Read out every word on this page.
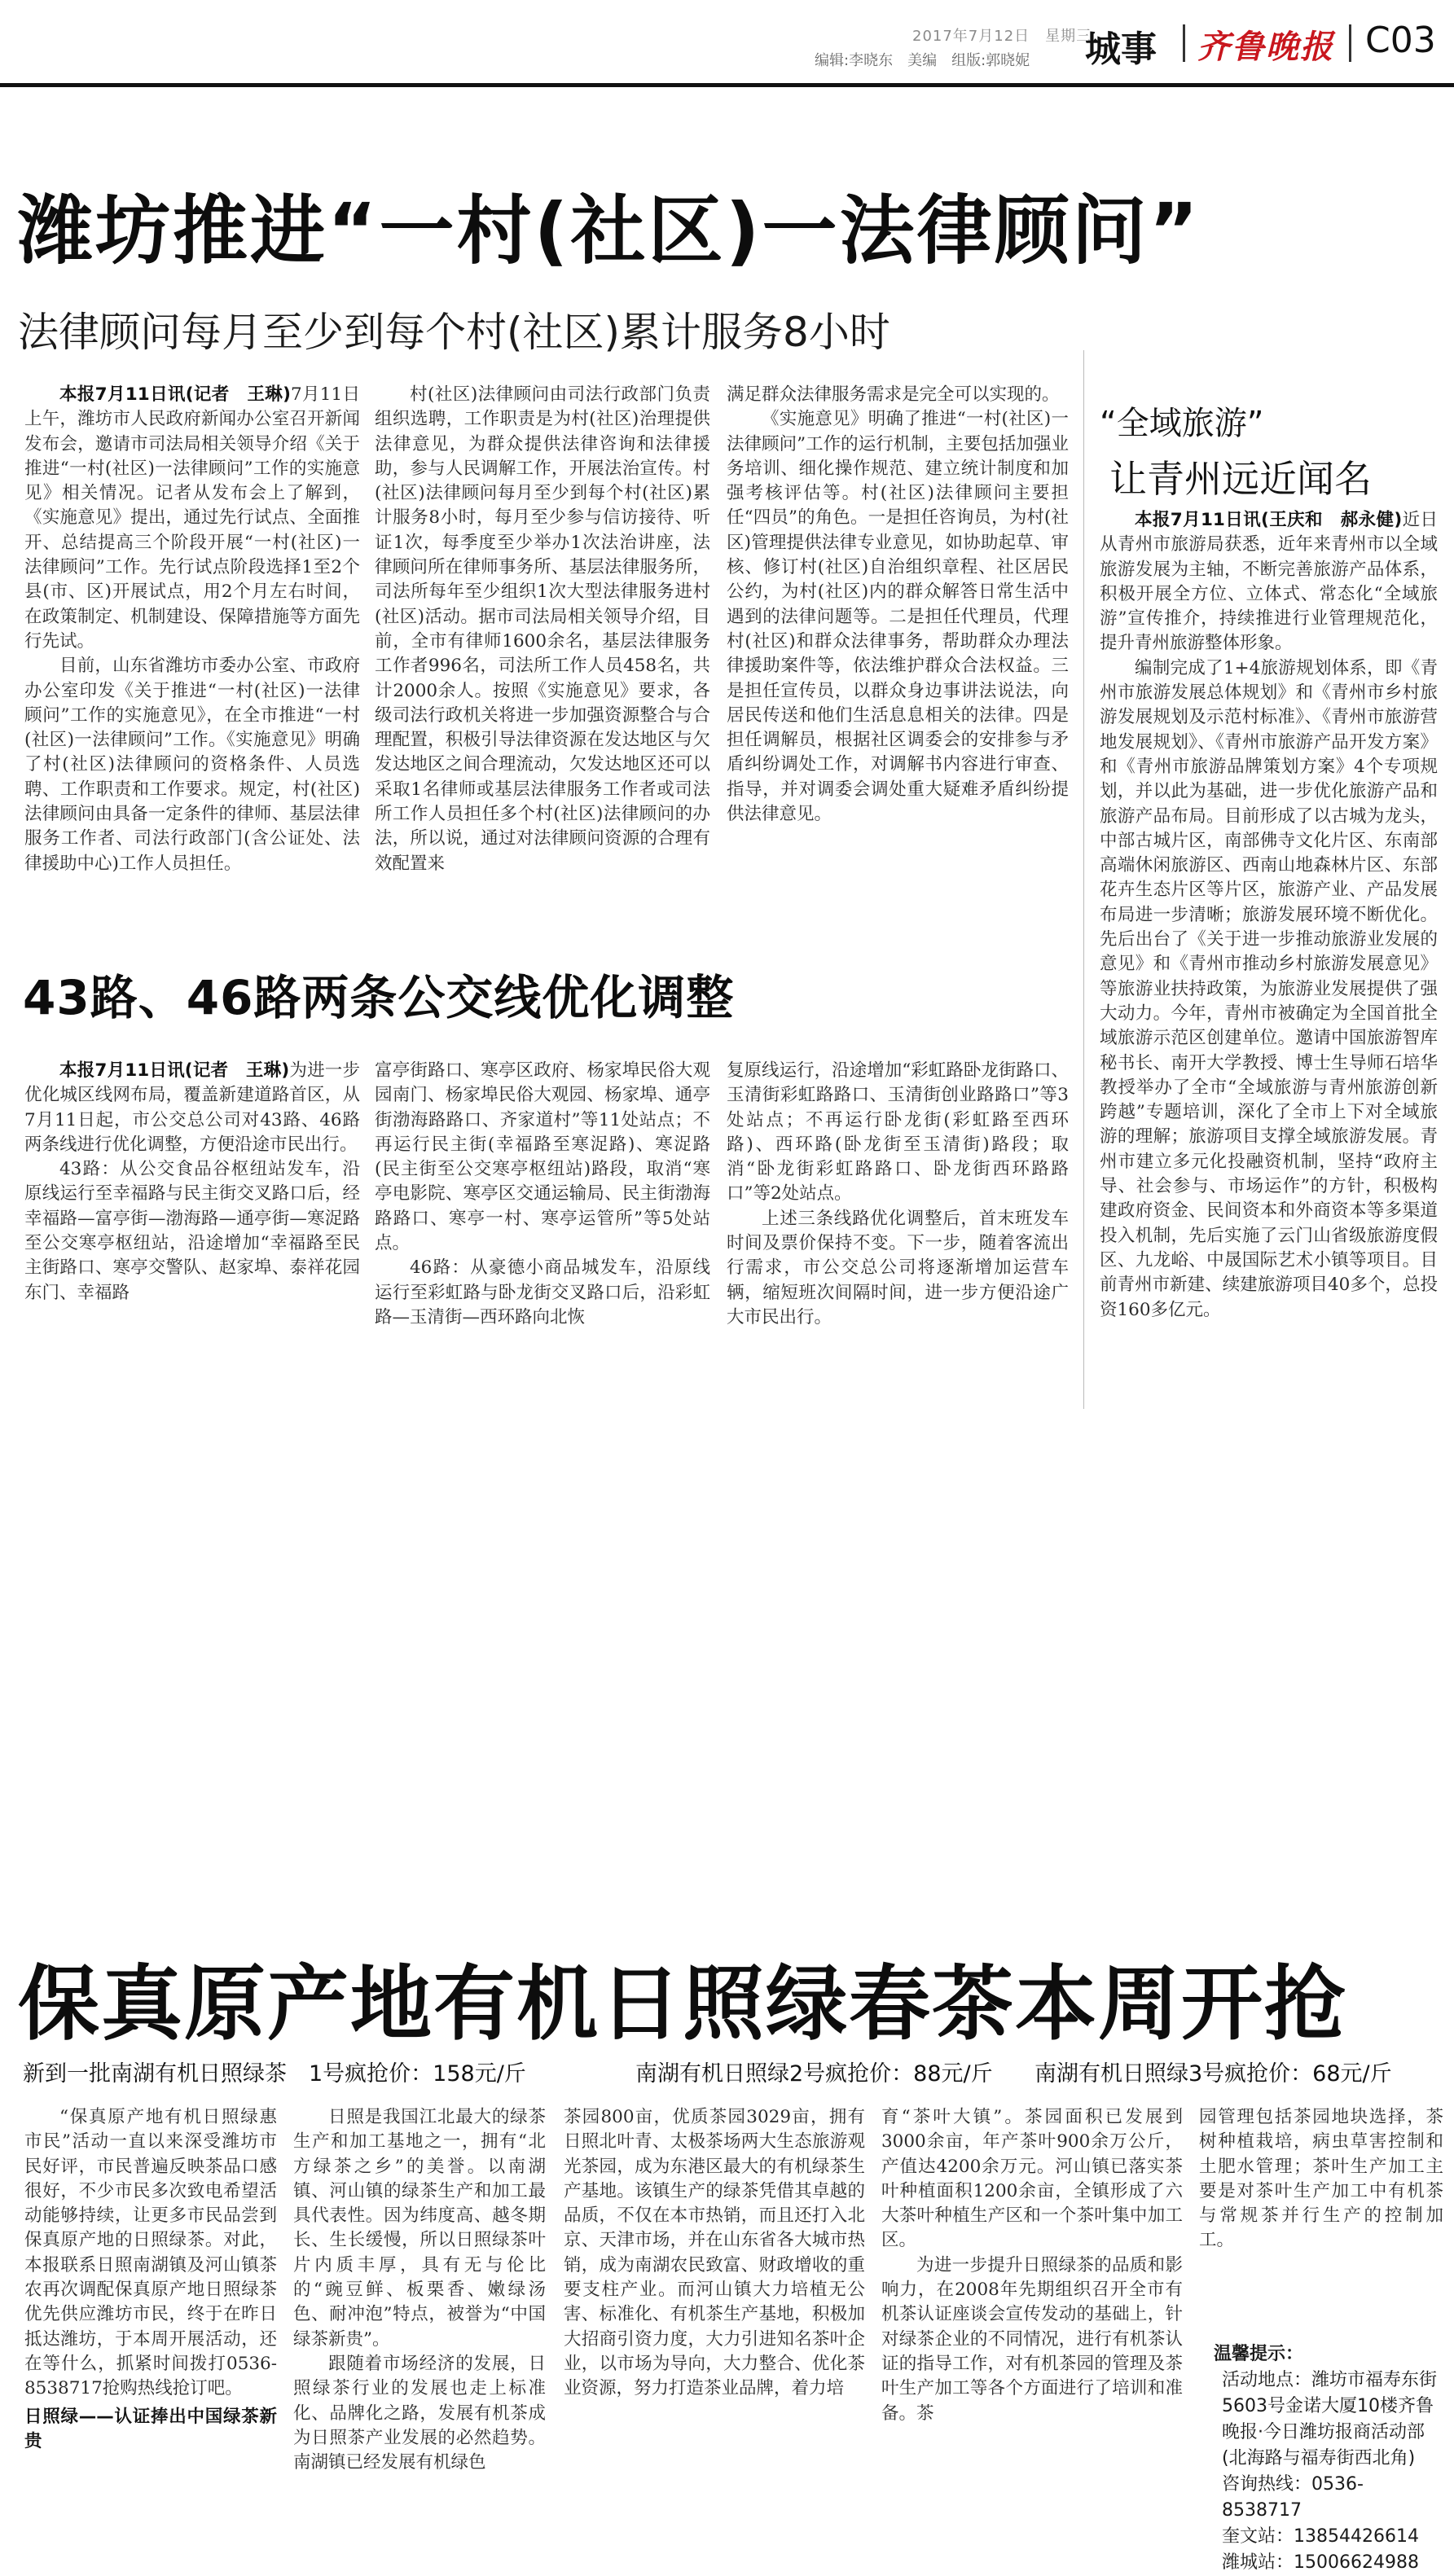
2017年7月12日　星期三
编辑:李晓东　美编　组版:郭晓妮 城事 齐鲁晚报 C03
潍坊推进“一村(社区)一法律顾问”
法律顾问每月至少到每个村(社区)累计服务8小时

本报7月11日讯(记者　王琳)7月11日上午，潍坊市人民政府新闻办公室召开新闻发布会，邀请市司法局相关领导介绍《关于推进“一村(社区)一法律顾问”工作的实施意见》相关情况。记者从发布会上了解到，《实施意见》提出，通过先行试点、全面推开、总结提高三个阶段开展“一村(社区)一法律顾问”工作。先行试点阶段选择1至2个县(市、区)开展试点，用2个月左右时间，在政策制定、机制建设、保障措施等方面先行先试。

目前，山东省潍坊市委办公室、市政府办公室印发《关于推进“一村(社区)一法律顾问”工作的实施意见》，在全市推进“一村(社区)一法律顾问”工作。《实施意见》明确了村(社区)法律顾问的资格条件、人员选聘、工作职责和工作要求。规定，村(社区)法律顾问由具备一定条件的律师、基层法律服务工作者、司法行政部门(含公证处、法律援助中心)工作人员担任。

村(社区)法律顾问由司法行政部门负责组织选聘，工作职责是为村(社区)治理提供法律意见，为群众提供法律咨询和法律援助，参与人民调解工作，开展法治宣传。村(社区)法律顾问每月至少到每个村(社区)累计服务8小时，每月至少参与信访接待、听证1次，每季度至少举办1次法治讲座，法律顾问所在律师事务所、基层法律服务所，司法所每年至少组织1次大型法律服务进村(社区)活动。据市司法局相关领导介绍，目前，全市有律师1600余名，基层法律服务工作者996名，司法所工作人员458名，共计2000余人。按照《实施意见》要求，各级司法行政机关将进一步加强资源整合与合理配置，积极引导法律资源在发达地区与欠发达地区之间合理流动，欠发达地区还可以采取1名律师或基层法律服务工作者或司法所工作人员担任多个村(社区)法律顾问的办法，所以说，通过对法律顾问资源的合理有效配置来

满足群众法律服务需求是完全可以实现的。

《实施意见》明确了推进“一村(社区)一法律顾问”工作的运行机制，主要包括加强业务培训、细化操作规范、建立统计制度和加强考核评估等。村(社区)法律顾问主要担任“四员”的角色。一是担任咨询员，为村(社区)管理提供法律专业意见，如协助起草、审核、修订村(社区)自治组织章程、社区居民公约，为村(社区)内的群众解答日常生活中遇到的法律问题等。二是担任代理员，代理村(社区)和群众法律事务，帮助群众办理法律援助案件等，依法维护群众合法权益。三是担任宣传员，以群众身边事讲法说法，向居民传送和他们生活息息相关的法律。四是担任调解员，根据社区调委会的安排参与矛盾纠纷调处工作，对调解书内容进行审查、指导，并对调委会调处重大疑难矛盾纠纷提供法律意见。

“全域旅游”
让青州远近闻名

本报7月11日讯(王庆和　郝永健)近日从青州市旅游局获悉，近年来青州市以全域旅游发展为主轴，不断完善旅游产品体系，积极开展全方位、立体式、常态化“全域旅游”宣传推介，持续推进行业管理规范化，提升青州旅游整体形象。

编制完成了1+4旅游规划体系，即《青州市旅游发展总体规划》和《青州市乡村旅游发展规划及示范村标准》、《青州市旅游营地发展规划》、《青州市旅游产品开发方案》和《青州市旅游品牌策划方案》4个专项规划，并以此为基础，进一步优化旅游产品和旅游产品布局。目前形成了以古城为龙头，中部古城片区，南部佛寺文化片区、东南部高端休闲旅游区、西南山地森林片区、东部花卉生态片区等片区，旅游产业、产品发展布局进一步清晰；旅游发展环境不断优化。先后出台了《关于进一步推动旅游业发展的意见》和《青州市推动乡村旅游发展意见》等旅游业扶持政策，为旅游业发展提供了强大动力。今年，青州市被确定为全国首批全域旅游示范区创建单位。邀请中国旅游智库秘书长、南开大学教授、博士生导师石培华教授举办了全市“全域旅游与青州旅游创新跨越”专题培训，深化了全市上下对全域旅游的理解；旅游项目支撑全域旅游发展。青州市建立多元化投融资机制，坚持“政府主导、社会参与、市场运作”的方针，积极构建政府资金、民间资本和外商资本等多渠道投入机制，先后实施了云门山省级旅游度假区、九龙峪、中晟国际艺术小镇等项目。目前青州市新建、续建旅游项目40多个，总投资160多亿元。

43路、46路两条公交线优化调整

本报7月11日讯(记者　王琳)为进一步优化城区线网布局，覆盖新建道路首区，从7月11日起，市公交总公司对43路、46路两条线进行优化调整，方便沿途市民出行。

43路：从公交食品谷枢纽站发车，沿原线运行至幸福路与民主街交叉路口后，经幸福路—富亭街—渤海路—通亭街—寒浞路至公交寒亭枢纽站，沿途增加“幸福路至民主街路口、寒亭交警队、赵家埠、泰祥花园东门、幸福路

富亭街路口、寒亭区政府、杨家埠民俗大观园南门、杨家埠民俗大观园、杨家埠、通亭街渤海路路口、齐家道村”等11处站点；不再运行民主街(幸福路至寒浞路)、寒浞路(民主街至公交寒亭枢纽站)路段，取消“寒亭电影院、寒亭区交通运输局、民主街渤海路路口、寒亭一村、寒亭运管所”等5处站点。

46路：从豪德小商品城发车，沿原线运行至彩虹路与卧龙街交叉路口后，沿彩虹路—玉清街—西环路向北恢

复原线运行，沿途增加“彩虹路卧龙街路口、玉清街彩虹路路口、玉清街创业路路口”等3处站点；不再运行卧龙街(彩虹路至西环路)、西环路(卧龙街至玉清街)路段；取消“卧龙街彩虹路路口、卧龙街西环路路口”等2处站点。

上述三条线路优化调整后，首末班发车时间及票价保持不变。下一步，随着客流出行需求，市公交总公司将逐渐增加运营车辆，缩短班次间隔时间，进一步方便沿途广大市民出行。

保真原产地有机日照绿春茶本周开抢
新到一批南湖有机日照绿茶　1号疯抢价：158元/斤	南湖有机日照绿2号疯抢价：88元/斤 南湖有机日照绿3号疯抢价：68元/斤

“保真原产地有机日照绿惠市民”活动一直以来深受潍坊市民好评，市民普遍反映茶品口感很好，不少市民多次致电希望活动能够持续，让更多市民品尝到保真原产地的日照绿茶。对此，本报联系日照南湖镇及河山镇茶农再次调配保真原产地日照绿茶优先供应潍坊市民，终于在昨日抵达潍坊，于本周开展活动，还在等什么，抓紧时间拨打0536-8538717抢购热线抢订吧。

日照绿——认证捧出中国绿茶新贵

日照是我国江北最大的绿茶生产和加工基地之一，拥有“北方绿茶之乡”的美誉。以南湖镇、河山镇的绿茶生产和加工最具代表性。因为纬度高、越冬期长、生长缓慢，所以日照绿茶叶片内质丰厚，具有无与伦比的“豌豆鲜、板栗香、嫩绿汤色、耐冲泡”特点，被誉为“中国绿茶新贵”。

跟随着市场经济的发展，日照绿茶行业的发展也走上标准化、品牌化之路，发展有机茶成为日照茶产业发展的必然趋势。南湖镇已经发展有机绿色

茶园800亩，优质茶园3029亩，拥有日照北叶青、太极茶场两大生态旅游观光茶园，成为东港区最大的有机绿茶生产基地。该镇生产的绿茶凭借其卓越的品质，不仅在本市热销，而且还打入北京、天津市场，并在山东省各大城市热销，成为南湖农民致富、财政增收的重要支柱产业。而河山镇大力培植无公害、标准化、有机茶生产基地，积极加大招商引资力度，大力引进知名茶叶企业，以市场为导向，大力整合、优化茶业资源，努力打造茶业品牌，着力培

育“茶叶大镇”。茶园面积已发展到3000余亩，年产茶叶900余万公斤，产值达4200余万元。河山镇已落实茶叶种植面积1200余亩，全镇形成了六大茶叶种植生产区和一个茶叶集中加工区。

为进一步提升日照绿茶的品质和影响力，在2008年先期组织召开全市有机茶认证座谈会宣传发动的基础上，针对绿茶企业的不同情况，进行有机茶认证的指导工作，对有机茶园的管理及茶叶生产加工等各个方面进行了培训和准备。茶

园管理包括茶园地块选择，茶树种植栽培，病虫草害控制和土肥水管理；茶叶生产加工主要是对茶叶生产加工中有机茶与常规茶并行生产的控制加工。

温馨提示：
活动地点：潍坊市福寿东街5603号金诺大厦10楼齐鲁晚报·今日潍坊报商活动部(北海路与福寿街西北角)
咨询热线：0536-8538717
奎文站：13854426614　潍城站：15006624988
